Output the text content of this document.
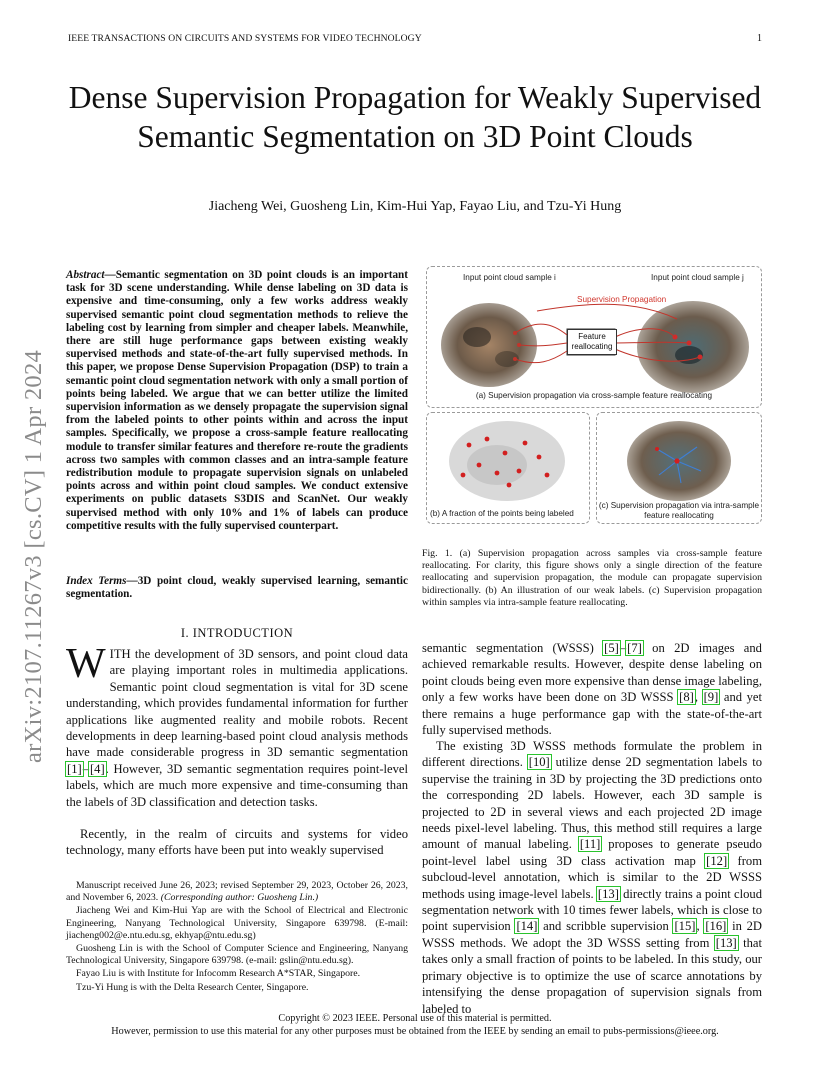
IEEE TRANSACTIONS ON CIRCUITS AND SYSTEMS FOR VIDEO TECHNOLOGY	1
arXiv:2107.11267v3 [cs.CV] 1 Apr 2024
Dense Supervision Propagation for Weakly Supervised Semantic Segmentation on 3D Point Clouds
Jiacheng Wei, Guosheng Lin, Kim-Hui Yap, Fayao Liu, and Tzu-Yi Hung
Abstract—Semantic segmentation on 3D point clouds is an important task for 3D scene understanding. While dense labeling on 3D data is expensive and time-consuming, only a few works address weakly supervised semantic point cloud segmentation methods to relieve the labeling cost by learning from simpler and cheaper labels. Meanwhile, there are still huge performance gaps between existing weakly supervised methods and state-of-the-art fully supervised methods. In this paper, we propose Dense Supervision Propagation (DSP) to train a semantic point cloud segmentation network with only a small portion of points being labeled. We argue that we can better utilize the limited supervision information as we densely propagate the supervision signal from the labeled points to other points within and across the input samples. Specifically, we propose a cross-sample feature reallocating module to transfer similar features and therefore re-route the gradients across two samples with common classes and an intra-sample feature redistribution module to propagate supervision signals on unlabeled points across and within point cloud samples. We conduct extensive experiments on public datasets S3DIS and ScanNet. Our weakly supervised method with only 10% and 1% of labels can produce competitive results with the fully supervised counterpart.
Index Terms—3D point cloud, weakly supervised learning, semantic segmentation.
Input point cloud sample i	Input point cloud sample j
Supervision Propagation
Feature
reallocating
(a) Supervision propagation via cross-sample feature reallocating
(b) A fraction of the points being labeled
(c) Supervision propagation via intra-sample
feature reallocating
Fig. 1. (a) Supervision propagation across samples via cross-sample feature reallocating. For clarity, this figure shows only a single direction of the feature reallocating and supervision propagation, the module can propagate supervision bidirectionally. (b) An illustration of our weak labels. (c) Supervision propagation within samples via intra-sample feature reallocating.
I. INTRODUCTION
WITH the development of 3D sensors, and point cloud data are playing important roles in multimedia applications. Semantic point cloud segmentation is vital for 3D scene understanding, which provides fundamental information for further applications like augmented reality and mobile robots. Recent developments in deep learning-based point cloud analysis methods have made considerable progress in 3D semantic segmentation [1]–[4]. However, 3D semantic segmentation requires point-level labels, which are much more expensive and time-consuming than the labels of 3D classification and detection tasks.
Recently, in the realm of circuits and systems for video technology, many efforts have been put into weakly supervised

Manuscript received June 26, 2023; revised September 29, 2023, October 26, 2023, and November 6, 2023. (Corresponding author: Guosheng Lin.)

Jiacheng Wei and Kim-Hui Yap are with the School of Electrical and Electronic Engineering, Nanyang Technological University, Singapore 639798. (E-mail: jiacheng002@e.ntu.edu.sg, ekhyap@ntu.edu.sg)

Guosheng Lin is with the School of Computer Science and Engineering, Nanyang Technological University, Singapore 639798. (e-mail: gslin@ntu.edu.sg).

Fayao Liu is with Institute for Infocomm Research A*STAR, Singapore.

Tzu-Yi Hung is with the Delta Research Center, Singapore.

semantic segmentation (WSSS) [5]–[7] on 2D images and achieved remarkable results. However, despite dense labeling on point clouds being even more expensive than dense image labeling, only a few works have been done on 3D WSSS [8], [9] and yet there remains a huge performance gap with the state-of-the-art fully supervised methods.
The existing 3D WSSS methods formulate the problem in different directions. [10] utilize dense 2D segmentation labels to supervise the training in 3D by projecting the 3D predictions onto the corresponding 2D labels. However, each 3D sample is projected to 2D in several views and each projected 2D image needs pixel-level labeling. Thus, this method still requires a large amount of manual labeling. [11] proposes to generate pseudo point-level label using 3D class activation map [12] from subcloud-level annotation, which is similar to the 2D WSSS methods using image-level labels. [13] directly trains a point cloud segmentation network with 10 times fewer labels, which is close to point supervision [14] and scribble supervision [15], [16] in 2D WSSS methods. We adopt the 3D WSSS setting from [13] that takes only a small fraction of points to be labeled. In this study, our primary objective is to optimize the use of scarce annotations by intensifying the dense propagation of supervision signals from labeled to
Copyright © 2023 IEEE. Personal use of this material is permitted.
However, permission to use this material for any other purposes must be obtained from the IEEE by sending an email to pubs-permissions@ieee.org.
